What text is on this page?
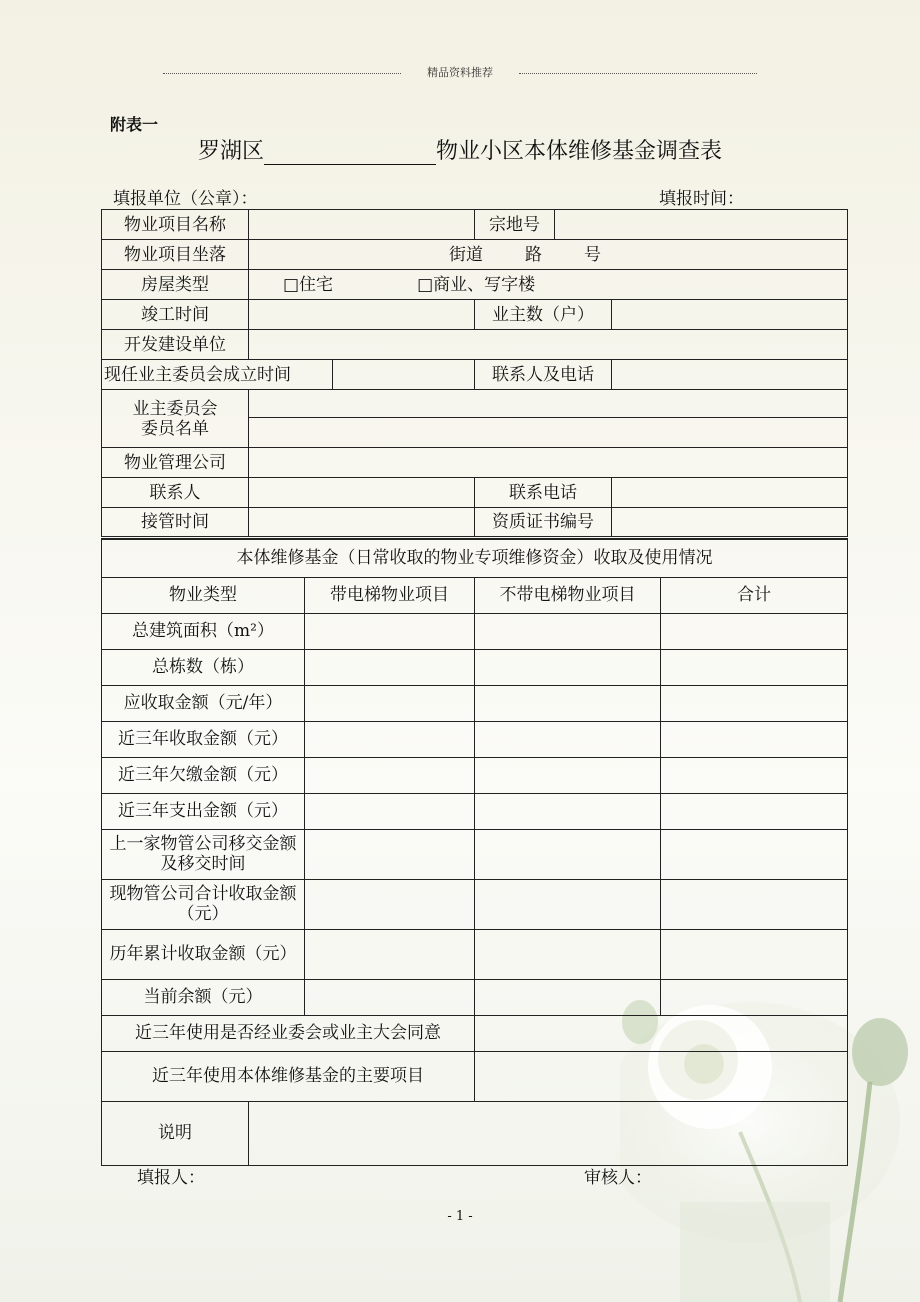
精品资料推荐
附表一
罗湖区	物业小区本体维修基金调查表
填报单位（公章）：	填报时间：
物业项目名称			宗地号		
物业项目坐落	街道 路 号				
房屋类型	□住宅 □商业、写字楼				
竣工时间			业主数（户）		
开发建设单位					
现任业主委员会成立时间			联系人及电话		

业主委员会
委员名单					

物业管理公司					
联系人			联系电话		
接管时间			资质证书编号		
本体维修基金（日常收取的物业专项维修资金）收取及使用情况				
物业类型		带电梯物业项目	不带电梯物业项目	合计
总建筑面积（m²）				
总栋数（栋）				
应收取金额（元/年）				
近三年收取金额（元）				
近三年欠缴金额（元）				
近三年支出金额（元）				
上一家物管公司移交金额及移交时间				
现物管公司合计收取金额（元）				
历年累计收取金额（元）				
当前余额（元）				
近三年使用是否经业委会或业主大会同意				
近三年使用本体维修基金的主要项目				
说明				
填报人：	审核人：
- 1 -
